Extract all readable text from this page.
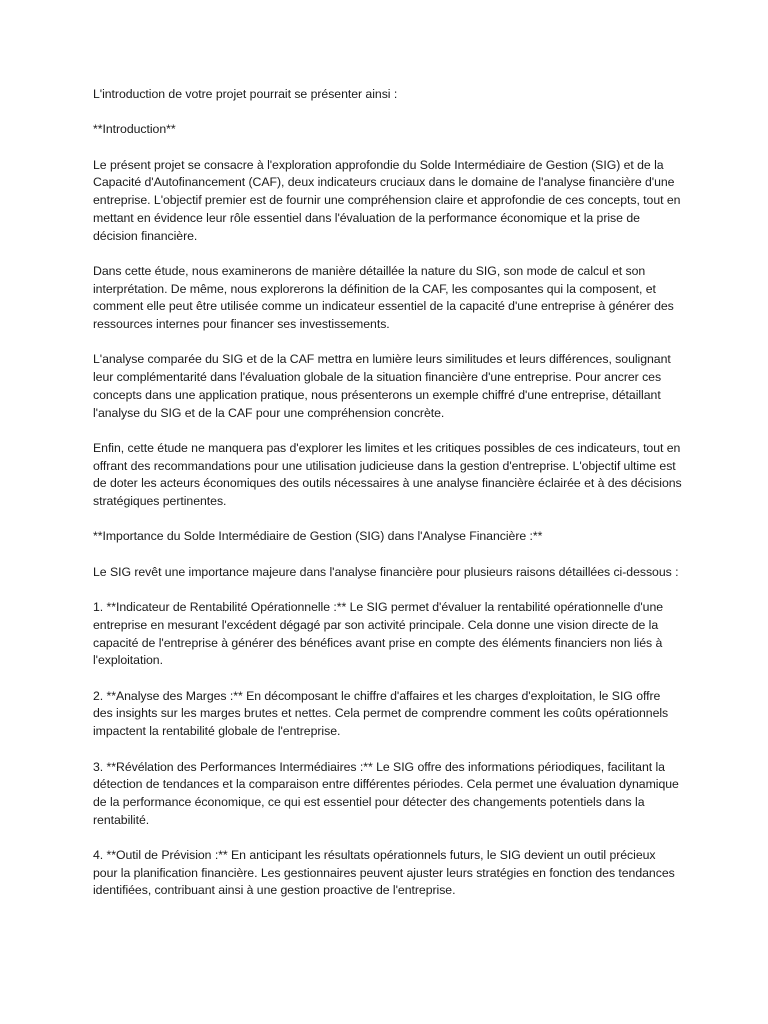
L'introduction de votre projet pourrait se présenter ainsi :

**Introduction**

Le présent projet se consacre à l'exploration approfondie du Solde Intermédiaire de Gestion (SIG) et de la Capacité d'Autofinancement (CAF), deux indicateurs cruciaux dans le domaine de l'analyse financière d'une entreprise. L'objectif premier est de fournir une compréhension claire et approfondie de ces concepts, tout en mettant en évidence leur rôle essentiel dans l'évaluation de la performance économique et la prise de décision financière.

Dans cette étude, nous examinerons de manière détaillée la nature du SIG, son mode de calcul et son interprétation. De même, nous explorerons la définition de la CAF, les composantes qui la composent, et comment elle peut être utilisée comme un indicateur essentiel de la capacité d'une entreprise à générer des ressources internes pour financer ses investissements.

L'analyse comparée du SIG et de la CAF mettra en lumière leurs similitudes et leurs différences, soulignant leur complémentarité dans l'évaluation globale de la situation financière d'une entreprise. Pour ancrer ces concepts dans une application pratique, nous présenterons un exemple chiffré d'une entreprise, détaillant l'analyse du SIG et de la CAF pour une compréhension concrète.

Enfin, cette étude ne manquera pas d'explorer les limites et les critiques possibles de ces indicateurs, tout en offrant des recommandations pour une utilisation judicieuse dans la gestion d'entreprise. L'objectif ultime est de doter les acteurs économiques des outils nécessaires à une analyse financière éclairée et à des décisions stratégiques pertinentes.

**Importance du Solde Intermédiaire de Gestion (SIG) dans l'Analyse Financière :**

Le SIG revêt une importance majeure dans l'analyse financière pour plusieurs raisons détaillées ci-dessous :

1. **Indicateur de Rentabilité Opérationnelle :** Le SIG permet d'évaluer la rentabilité opérationnelle d'une entreprise en mesurant l'excédent dégagé par son activité principale. Cela donne une vision directe de la capacité de l'entreprise à générer des bénéfices avant prise en compte des éléments financiers non liés à l'exploitation.

2. **Analyse des Marges :** En décomposant le chiffre d'affaires et les charges d'exploitation, le SIG offre des insights sur les marges brutes et nettes. Cela permet de comprendre comment les coûts opérationnels impactent la rentabilité globale de l'entreprise.

3. **Révélation des Performances Intermédiaires :** Le SIG offre des informations périodiques, facilitant la détection de tendances et la comparaison entre différentes périodes. Cela permet une évaluation dynamique de la performance économique, ce qui est essentiel pour détecter des changements potentiels dans la rentabilité.

4. **Outil de Prévision :** En anticipant les résultats opérationnels futurs, le SIG devient un outil précieux pour la planification financière. Les gestionnaires peuvent ajuster leurs stratégies en fonction des tendances identifiées, contribuant ainsi à une gestion proactive de l'entreprise.
